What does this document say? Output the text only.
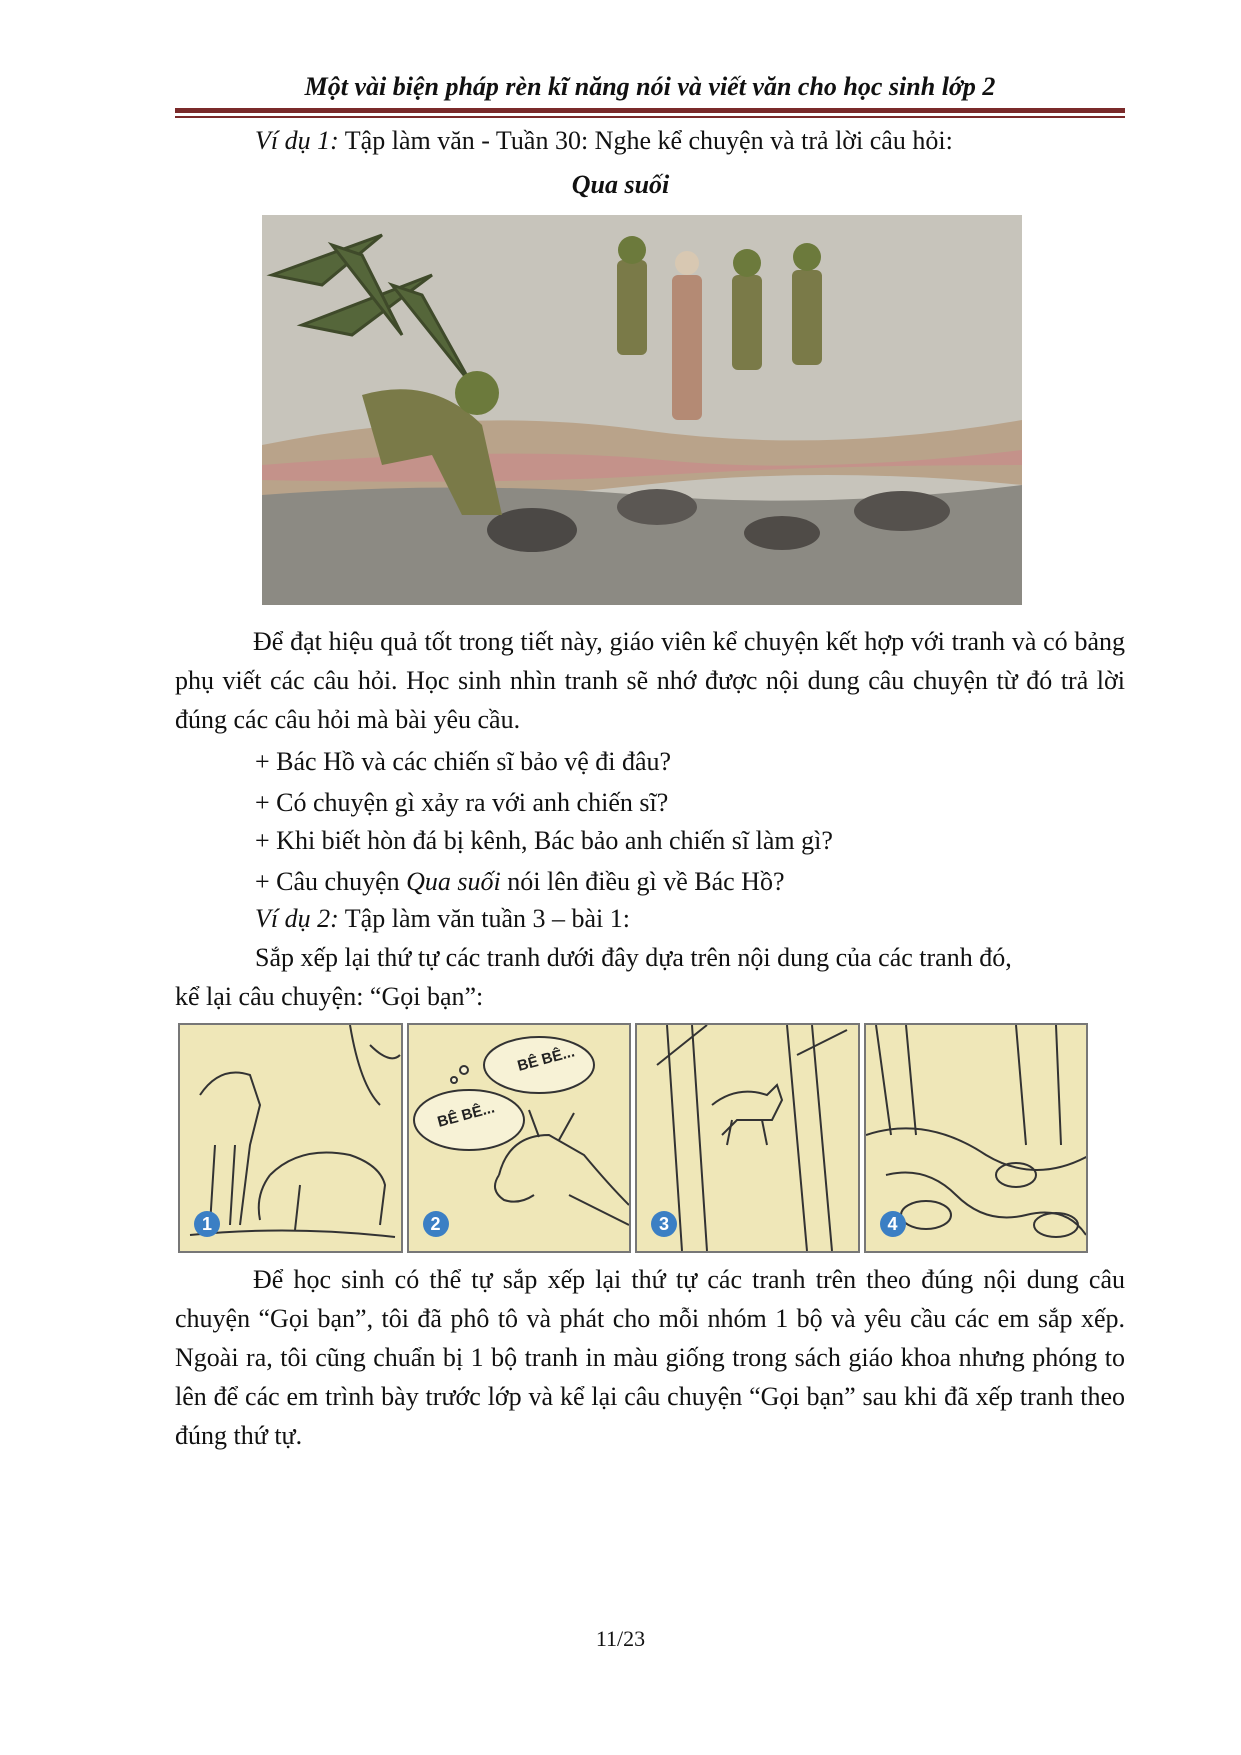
Một vài biện pháp rèn kĩ năng nói và viết văn cho học sinh lớp 2
Ví dụ 1: Tập làm văn - Tuần 30: Nghe kể chuyện và trả lời câu hỏi:
Qua suối
Để đạt hiệu quả tốt trong tiết này, giáo viên kể chuyện kết hợp với tranh và có bảng phụ viết các câu hỏi. Học sinh nhìn tranh sẽ nhớ được nội dung câu chuyện từ đó trả lời đúng các câu hỏi mà bài yêu cầu.
+ Bác Hồ và các chiến sĩ bảo vệ đi đâu?
+ Có chuyện gì xảy ra với anh chiến sĩ?
+ Khi biết hòn đá bị kênh, Bác bảo anh chiến sĩ làm gì?
+ Câu chuyện Qua suối nói lên điều gì về Bác Hồ?
Ví dụ 2: Tập làm văn tuần 3 – bài 1:
Sắp xếp lại thứ tự các tranh dưới đây dựa trên nội dung của các tranh đó,
kể lại câu chuyện: “Gọi bạn”:
1
BÊ BÊ...
BÊ BÊ...
2	3	4
Để học sinh có thể tự sắp xếp lại thứ tự các tranh trên theo đúng nội dung câu chuyện “Gọi bạn”, tôi đã phô tô và phát cho mỗi nhóm 1 bộ và yêu cầu các em sắp xếp. Ngoài ra, tôi cũng chuẩn bị 1 bộ tranh in màu giống trong sách giáo khoa nhưng phóng to lên để các em trình bày trước lớp và kể lại câu chuyện “Gọi bạn” sau khi đã xếp tranh theo đúng thứ tự.
11/23
